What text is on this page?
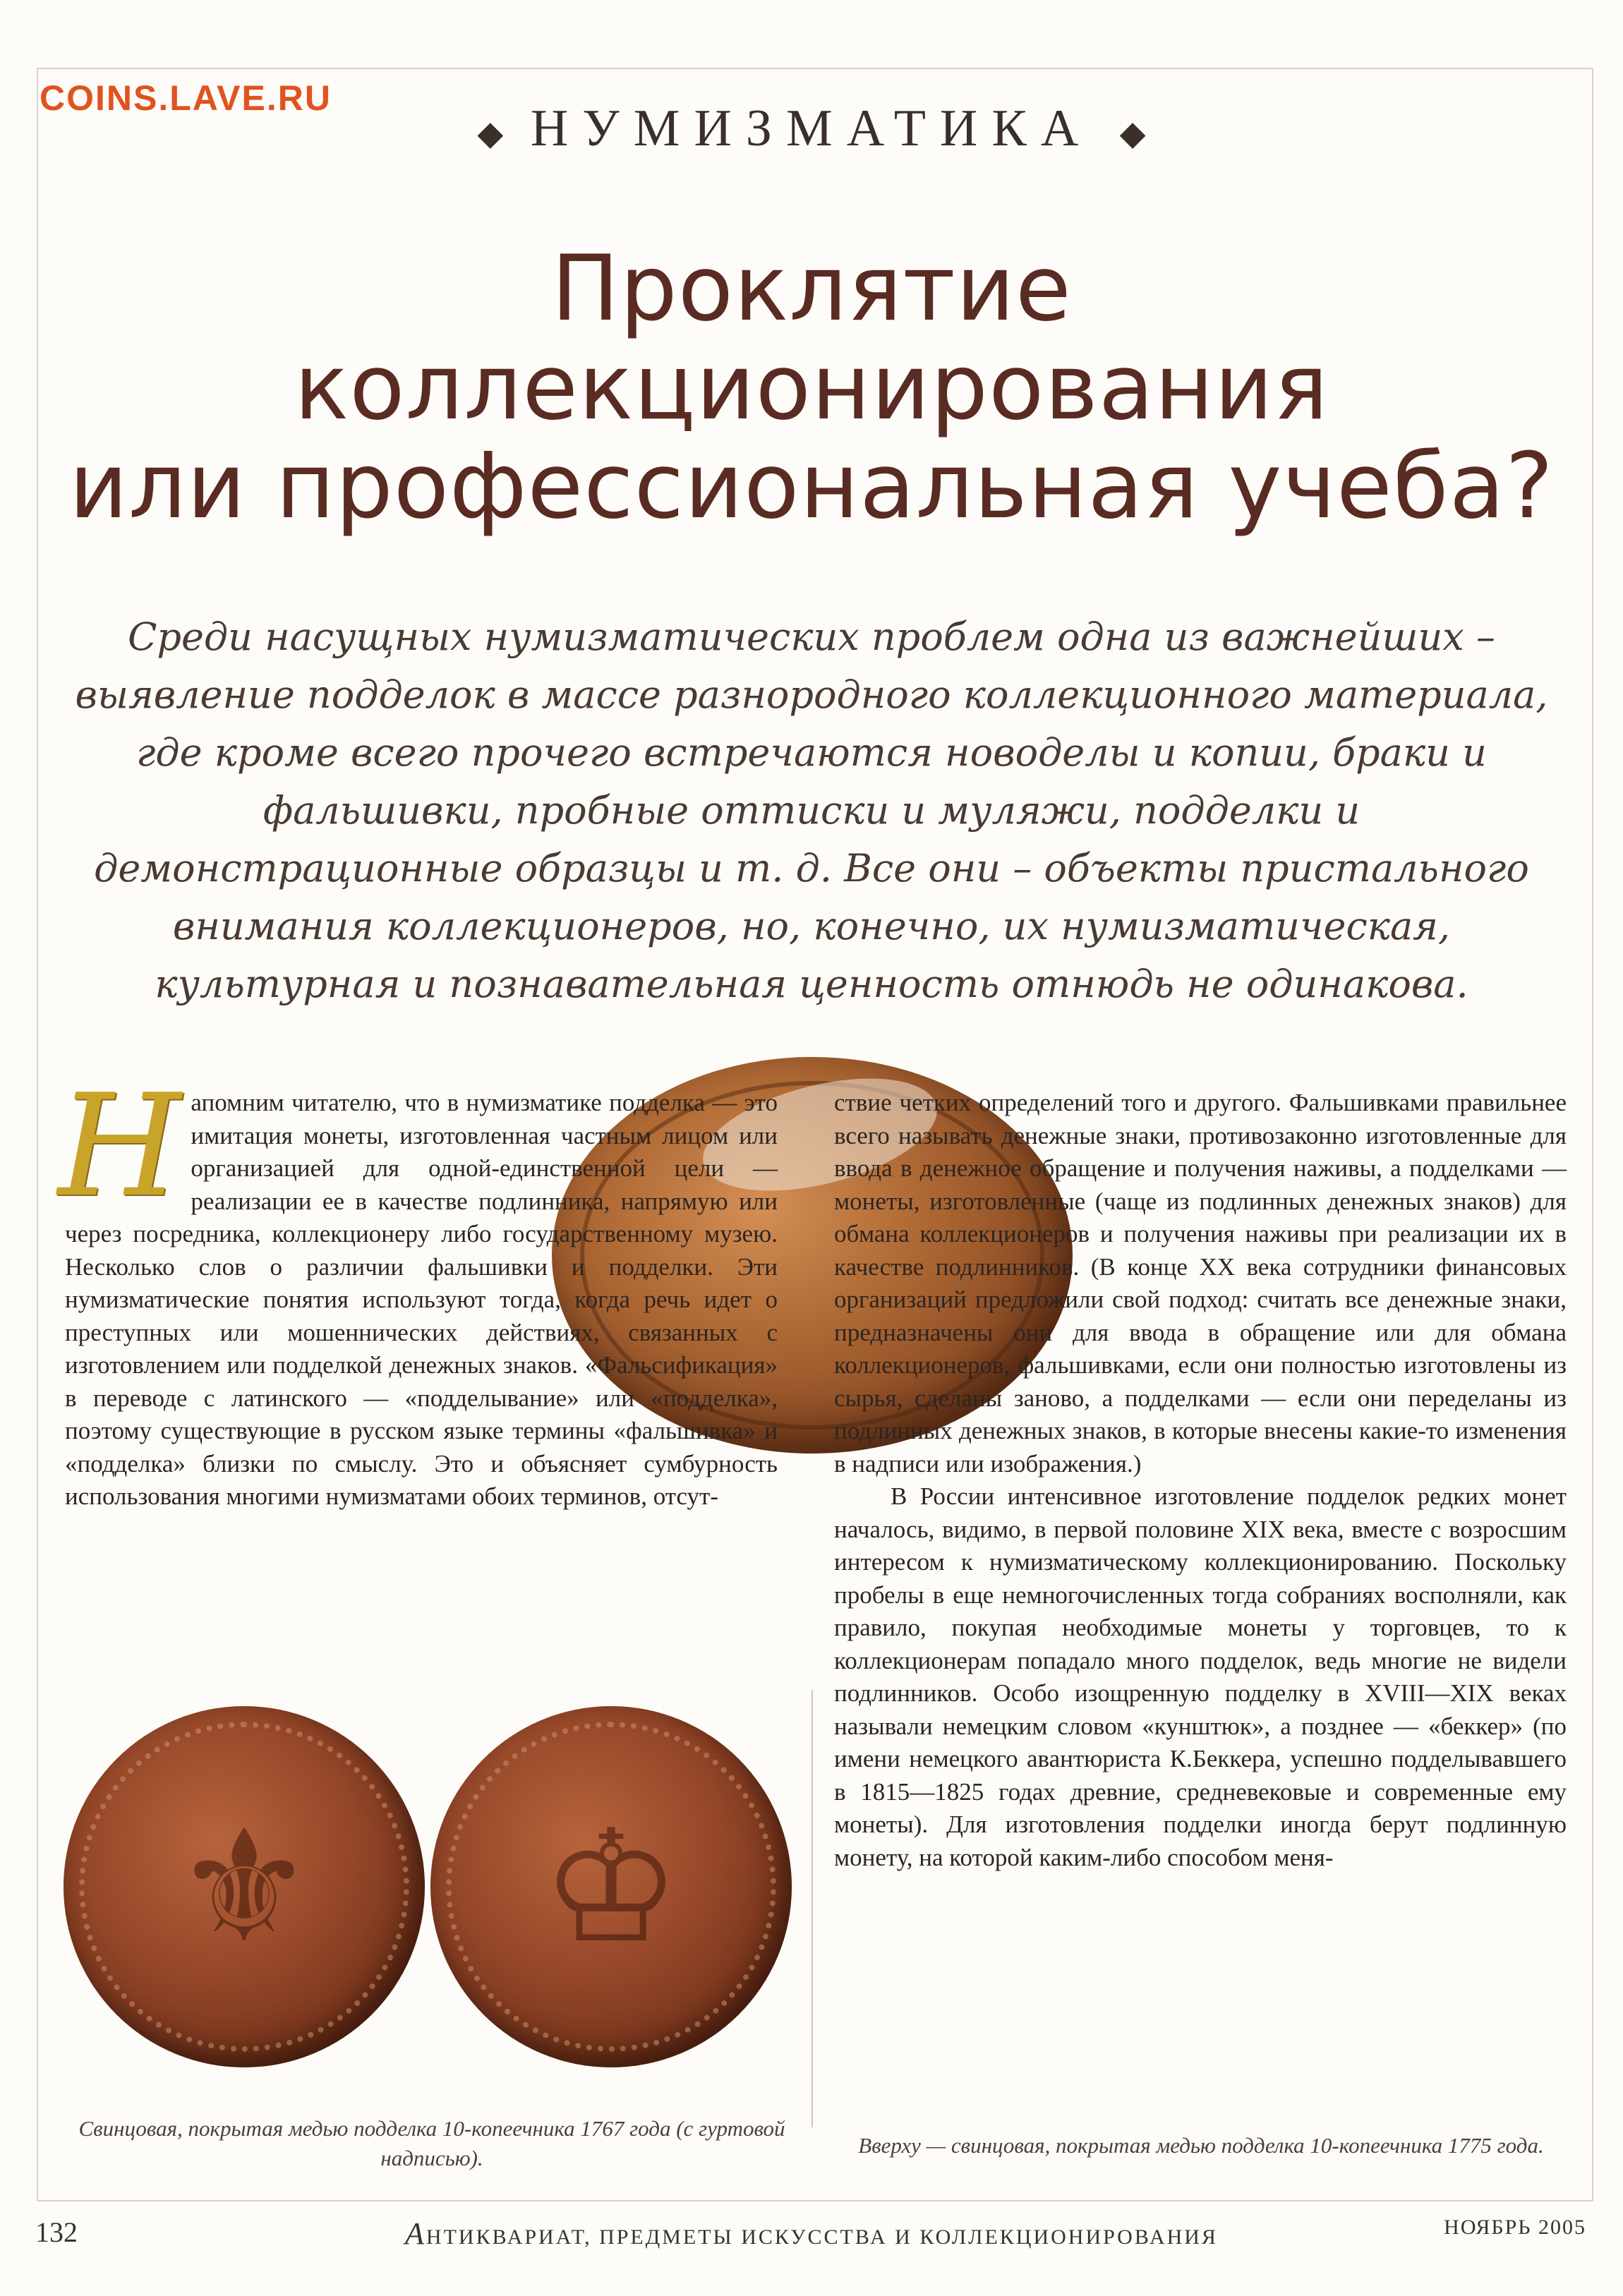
COINS.LAVE.RU
◆ НУМИЗМАТИКА ◆
Проклятие
коллекционирования
или профессиональная учеба?
Среди насущных нумизматических проблем одна из важнейших – выявление подделок в массе разнородного коллекционного материала, где кроме всего прочего встречаются новоделы и копии, браки и фальшивки, пробные оттиски и муляжи, подделки и демонстрационные образцы и т. д. Все они – объекты пристального внимания коллекционеров, но, конечно, их нумизматическая, культурная и познавательная ценность отнюдь не одинакова.

Н апомним читателю, что в нумизматике подделка — это имитация монеты, изготовленная частным лицом или организацией для одной-единственной цели — реализации ее в качестве подлинника, напрямую или через посредника, коллекционеру либо государственному музею. Несколько слов о различии фальшивки и подделки. Эти нумизматические понятия используют тогда, когда речь идет о преступных или мошеннических действиях, связанных с изготовлением или подделкой денежных знаков. «Фальсификация» в переводе с латинского — «подделывание» или «подделка», поэтому существующие в русском языке термины «фальшивка» и «подделка» близки по смыслу. Это и объясняет сумбурность использования многими нумизматами обоих терминов, отсут-

ствие четких определений того и другого. Фальшивками правильнее всего называть денежные знаки, противозаконно изготовленные для ввода в денежное обращение и получения наживы, а подделками — монеты, изготовленные (чаще из подлинных денежных знаков) для обмана коллекционеров и получения наживы при реализации их в качестве подлинников. (В конце XX века сотрудники финансовых организаций предложили свой подход: считать все денежные знаки, предназначены они для ввода в обращение или для обмана коллекционеров, фальшивками, если они полностью изготовлены из сырья, сделаны заново, а подделками — если они переделаны из подлинных денежных знаков, в которые внесены какие-то изменения в надписи или изображения.)

В России интенсивное изготовление подделок редких монет началось, видимо, в первой половине XIX века, вместе с возросшим интересом к нумизматическому коллекционированию. Поскольку пробелы в еще немногочисленных тогда собраниях восполняли, как правило, покупая необходимые монеты у торговцев, то к коллекционерам попадало много подделок, ведь многие не видели подлинников. Особо изощренную подделку в XVIII—XIX веках называли немецким словом «кунштюк», а позднее — «беккер» (по имени немецкого авантюриста К.Беккера, успешно подделывавшего в 1815—1825 годах древние, средневековые и современные ему монеты). Для изготовления подделки иногда берут подлинную монету, на которой каким-либо способом меня-

⚜ ♔
Свинцовая, покрытая медью подделка 10-копеечника 1767 года (с гуртовой надписью).
Вверху — свинцовая, покрытая медью подделка 10-копеечника 1775 года.
132	АНТИКВАРИАТ, ПРЕДМЕТЫ ИСКУССТВА И КОЛЛЕКЦИОНИРОВАНИЯ	НОЯБРЬ 2005
